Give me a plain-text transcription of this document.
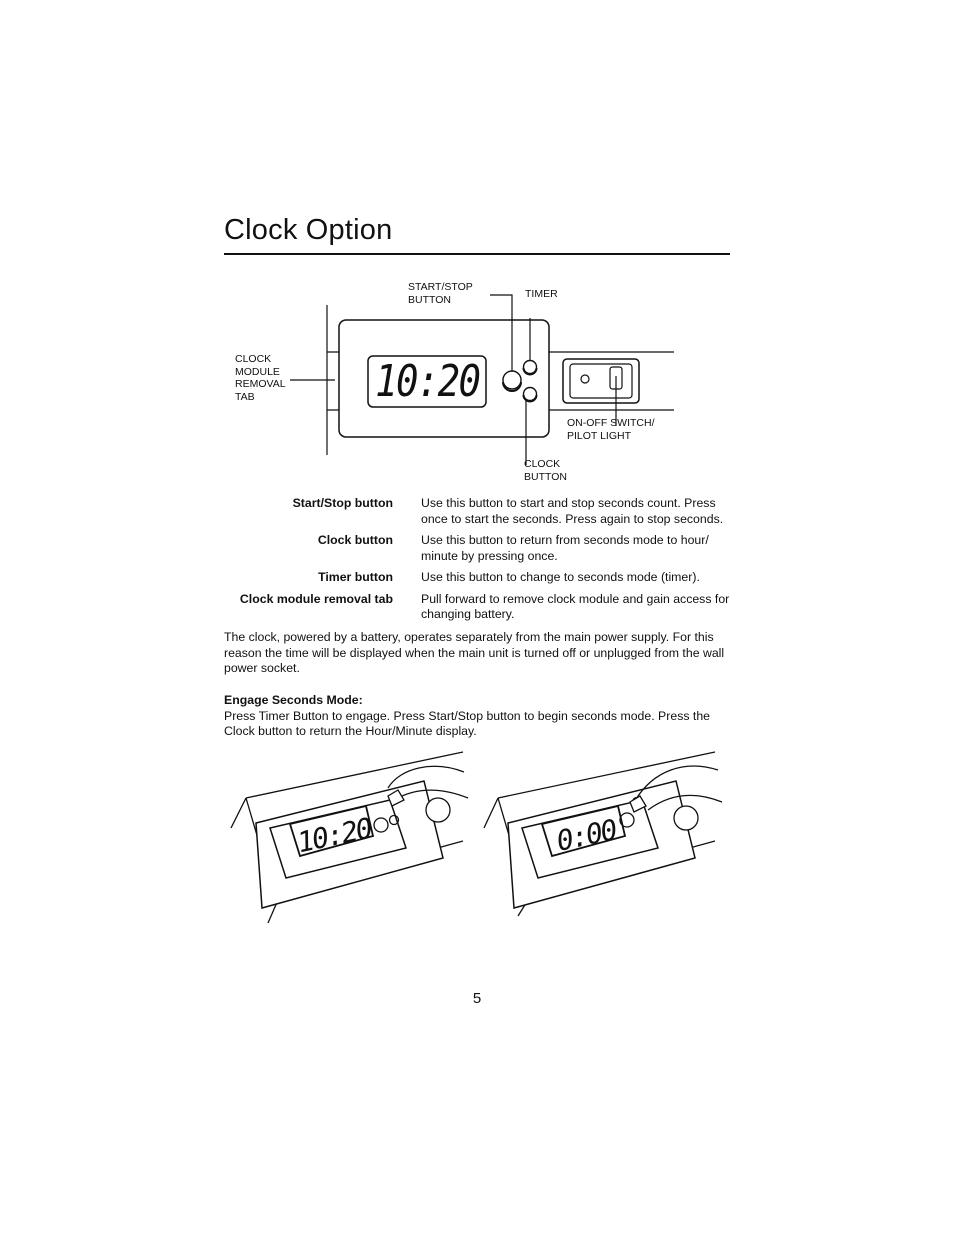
Clock Option
10:20
START/STOP
BUTTON	TIMER
CLOCK
MODULE
REMOVAL
TAB
ON-OFF SWITCH/
PILOT LIGHT
CLOCK
BUTTON
Start/Stop button Use this button to start and stop seconds count. Press once to start the seconds. Press again to stop seconds.
Clock button Use this button to return from seconds mode to hour/ minute by pressing once.
Timer button Use this button to change to seconds mode (timer).
Clock module removal tab Pull forward to remove clock module and gain access for changing battery.
The clock, powered by a battery, operates separately from the main power supply. For this reason the time will be displayed when the main unit is turned off or unplugged from the wall power socket.
Engage Seconds Mode:
Press Timer Button to engage. Press Start/Stop button to begin seconds mode. Press the Clock button to return the Hour/Minute display.
10:20	0:00
5
